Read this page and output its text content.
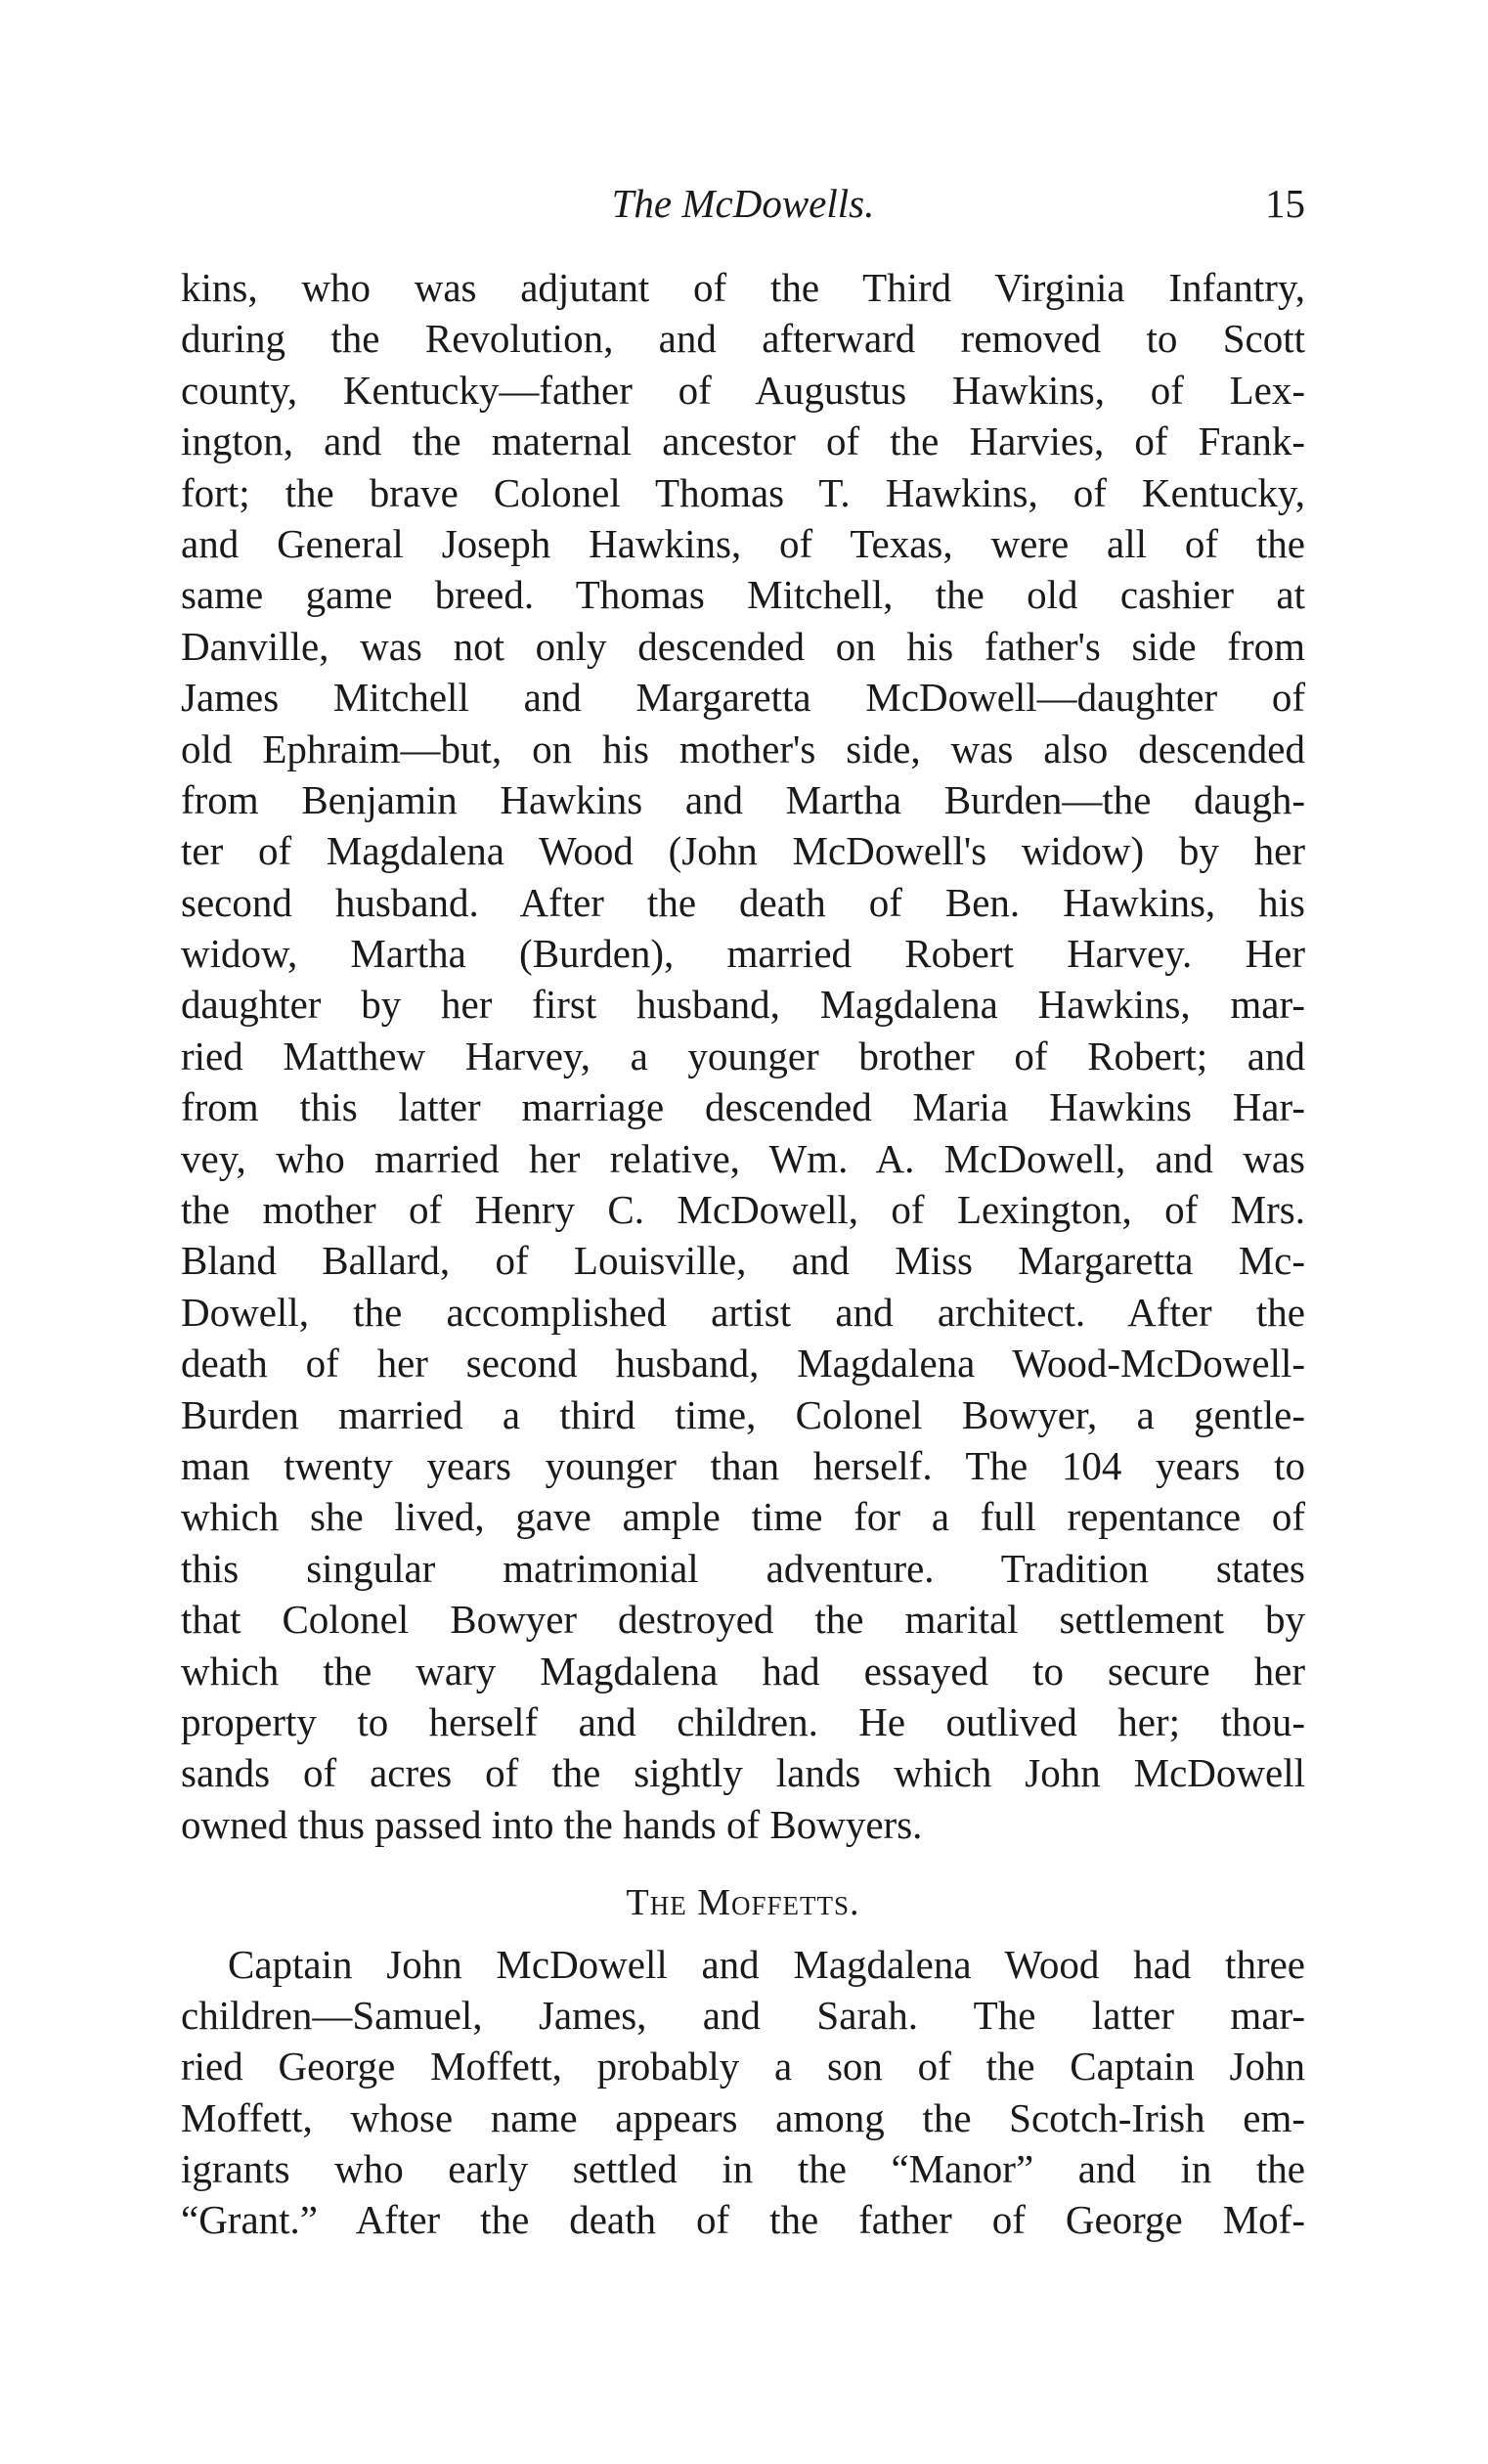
The McDowells.	15
kins, who was adjutant of the Third Virginia Infantry,
during the Revolution, and afterward removed to Scott
county, Kentucky—father of Augustus Hawkins, of Lex-
ington, and the maternal ancestor of the Harvies, of Frank-
fort; the brave Colonel Thomas T. Hawkins, of Kentucky,
and General Joseph Hawkins, of Texas, were all of the
same game breed. Thomas Mitchell, the old cashier at
Danville, was not only descended on his father's side from
James Mitchell and Margaretta McDowell—daughter of
old Ephraim—but, on his mother's side, was also descended
from Benjamin Hawkins and Martha Burden—the daugh-
ter of Magdalena Wood (John McDowell's widow) by her
second husband. After the death of Ben. Hawkins, his
widow, Martha (Burden), married Robert Harvey. Her
daughter by her first husband, Magdalena Hawkins, mar-
ried Matthew Harvey, a younger brother of Robert; and
from this latter marriage descended Maria Hawkins Har-
vey, who married her relative, Wm. A. McDowell, and was
the mother of Henry C. McDowell, of Lexington, of Mrs.
Bland Ballard, of Louisville, and Miss Margaretta Mc-
Dowell, the accomplished artist and architect. After the
death of her second husband, Magdalena Wood-McDowell-
Burden married a third time, Colonel Bowyer, a gentle-
man twenty years younger than herself. The 104 years to
which she lived, gave ample time for a full repentance of
this singular matrimonial adventure. Tradition states
that Colonel Bowyer destroyed the marital settlement by
which the wary Magdalena had essayed to secure her
property to herself and children. He outlived her; thou-
sands of acres of the sightly lands which John McDowell
owned thus passed into the hands of Bowyers.
The Moffetts.
Captain John McDowell and Magdalena Wood had three
children—Samuel, James, and Sarah. The latter mar-
ried George Moffett, probably a son of the Captain John
Moffett, whose name appears among the Scotch-Irish em-
igrants who early settled in the “Manor” and in the
“Grant.” After the death of the father of George Mof-
